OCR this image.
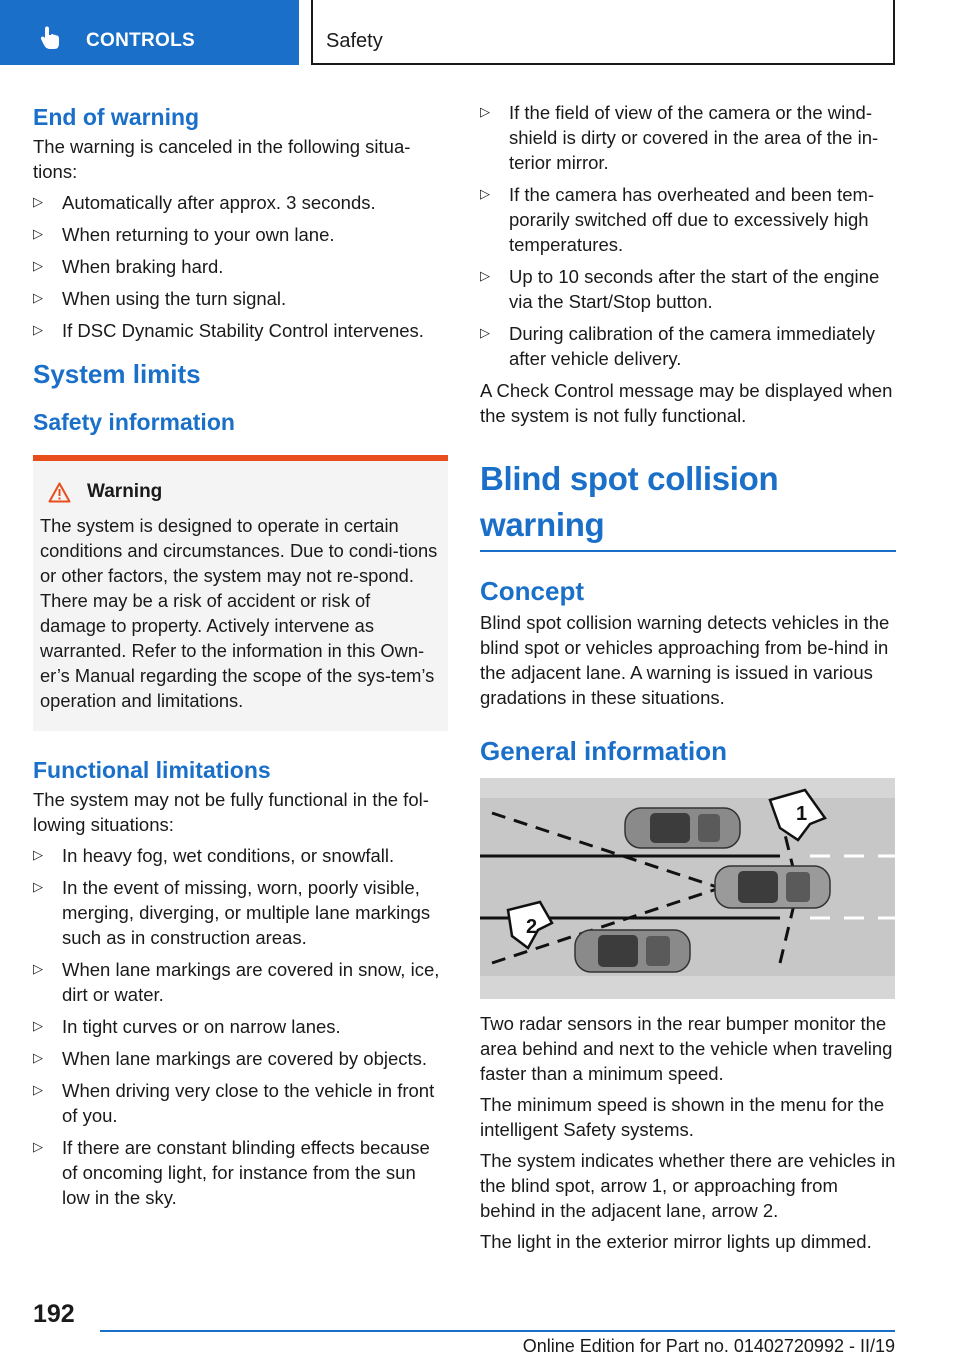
CONTROLS	Safety
End of warning

The warning is canceled in the following situa-tions:

▷ Automatically after approx. 3 seconds.
▷ When returning to your own lane.
▷ When braking hard.
▷ When using the turn signal.
▷ If DSC Dynamic Stability Control intervenes.
System limits
Safety information
Warning

The system is designed to operate in certain conditions and circumstances. Due to condi-tions or other factors, the system may not re-spond. There may be a risk of accident or risk of damage to property. Actively intervene as warranted. Refer to the information in this Own-er’s Manual regarding the scope of the sys-tem’s operation and limitations.

Functional limitations

The system may not be fully functional in the fol-lowing situations:

▷ In heavy fog, wet conditions, or snowfall.
▷ In the event of missing, worn, poorly visible, merging, diverging, or multiple lane markings such as in construction areas.
▷ When lane markings are covered in snow, ice, dirt or water.
▷ In tight curves or on narrow lanes.
▷ When lane markings are covered by objects.
▷ When driving very close to the vehicle in front of you.
▷ If there are constant blinding effects because of oncoming light, for instance from the sun low in the sky.
▷ If the field of view of the camera or the wind-shield is dirty or covered in the area of the in-terior mirror.
▷ If the camera has overheated and been tem-porarily switched off due to excessively high temperatures.
▷ Up to 10 seconds after the start of the engine via the Start/Stop button.
▷ During calibration of the camera immediately after vehicle delivery.

A Check Control message may be displayed when the system is not fully functional.

Blind spot collision warning
Concept

Blind spot collision warning detects vehicles in the blind spot or vehicles approaching from be-hind in the adjacent lane. A warning is issued in various gradations in these situations.

General information
1
2

Two radar sensors in the rear bumper monitor the area behind and next to the vehicle when traveling faster than a minimum speed.

The minimum speed is shown in the menu for the intelligent Safety systems.

The system indicates whether there are vehicles in the blind spot, arrow 1, or approaching from behind in the adjacent lane, arrow 2.

The light in the exterior mirror lights up dimmed.

192
Online Edition for Part no. 01402720992 - II/19
